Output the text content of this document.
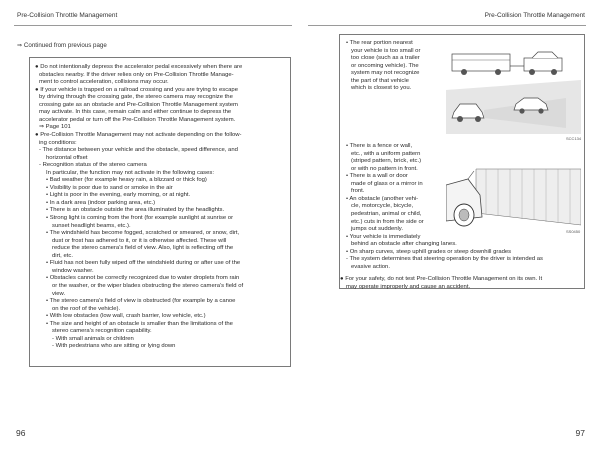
Pre-Collision Throttle Management	Pre-Collision Throttle Management
⇒ Continued from previous page
● Do not intentionally depress the accelerator pedal excessively when there are
obstacles nearby. If the driver relies only on Pre-Collision Throttle Manage-
ment to control acceleration, collisions may occur.
● If your vehicle is trapped on a railroad crossing and you are trying to escape
by driving through the crossing gate, the stereo camera may recognize the
crossing gate as an obstacle and Pre-Collision Throttle Management system
may activate. In this case, remain calm and either continue to depress the
accelerator pedal or turn off the Pre-Collision Throttle Management system.
⇒ Page 101
● Pre-Collision Throttle Management may not activate depending on the follow-
ing conditions:
- The distance between your vehicle and the obstacle, speed difference, and
horizontal offset
- Recognition status of the stereo camera
In particular, the function may not activate in the following cases:
• Bad weather (for example heavy rain, a blizzard or thick fog)
• Visibility is poor due to sand or smoke in the air
• Light is poor in the evening, early morning, or at night.
• In a dark area (indoor parking area, etc.)
• There is an obstacle outside the area illuminated by the headlights.
• Strong light is coming from the front (for example sunlight at sunrise or
sunset headlight beams, etc.).
• The windshield has become fogged, scratched or smeared, or snow, dirt,
dust or frost has adhered to it, or it is otherwise affected. These will
reduce the stereo camera’s field of view. Also, light is reflecting off the
dirt, etc.
• Fluid has not been fully wiped off the windshield during or after use of the
window washer.
• Obstacles cannot be correctly recognized due to water droplets from rain
or the washer, or the wiper blades obstructing the stereo camera’s field of
view.
• The stereo camera’s field of view is obstructed (for example by a canoe
on the roof of the vehicle).
• With low obstacles (low wall, crash barrier, low vehicle, etc.)
• The size and height of an obstacle is smaller than the limitations of the
stereo camera’s recognition capability.
- With small animals or children
- With pedestrians who are sitting or lying down
• The rear portion nearest
your vehicle is too small or
too close (such as a trailer
or oncoming vehicle). The
system may not recognize
the part of that vehicle
which is closest to you.
• There is a fence or wall,
etc., with a uniform pattern
(striped pattern, brick, etc.)
or with no pattern in front.
• There is a wall or door
made of glass or a mirror in
front.
• An obstacle (another vehi-
cle, motorcycle, bicycle,
pedestrian, animal or child,
etc.) cuts in from the side or
jumps out suddenly.
• Your vehicle is immediately
behind an obstacle after changing lanes.
• On sharp curves, steep uphill grades or steep downhill grades
- The system determines that steering operation by the driver is intended as
evasive action.
● For your safety, do not test Pre-Collision Throttle Management on its own. It
may operate improperly and cause an accident.
SCC134
SS0450
96	97
